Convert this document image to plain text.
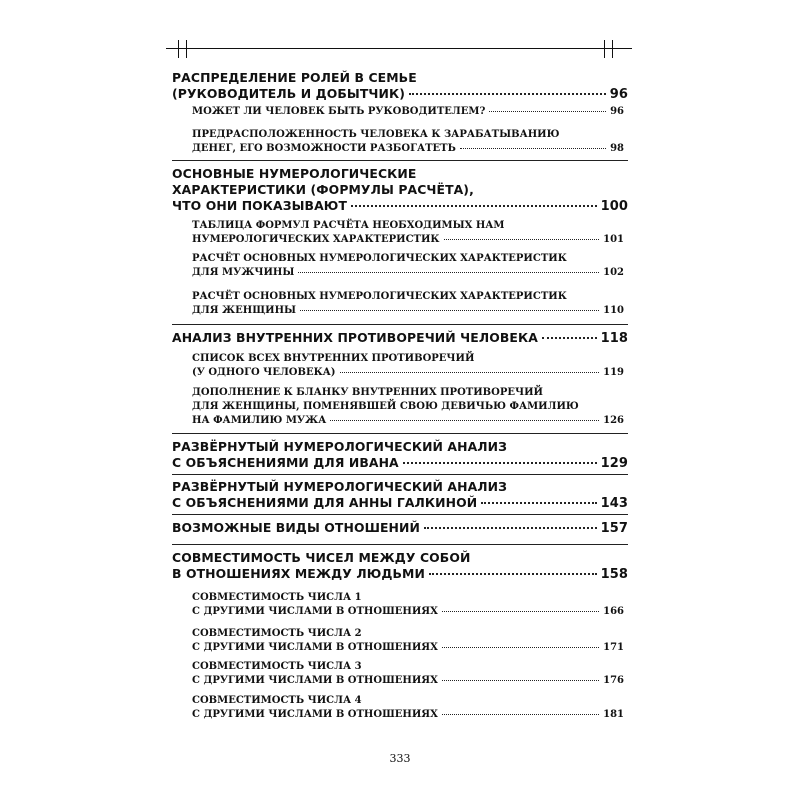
РАСПРЕДЕЛЕНИЕ РОЛЕЙ В СЕМЬЕ
(РУКОВОДИТЕЛЬ И ДОБЫТЧИК)	96
МОЖЕТ ЛИ ЧЕЛОВЕК БЫТЬ РУКОВОДИТЕЛЕМ?	96
ПРЕДРАСПОЛОЖЕННОСТЬ ЧЕЛОВЕКА К ЗАРАБАТЫВАНИЮ
ДЕНЕГ, ЕГО ВОЗМОЖНОСТИ РАЗБОГАТЕТЬ	98
ОСНОВНЫЕ НУМЕРОЛОГИЧЕСКИЕ
ХАРАКТЕРИСТИКИ (ФОРМУЛЫ РАСЧЁТА),
ЧТО ОНИ ПОКАЗЫВАЮТ	100
ТАБЛИЦА ФОРМУЛ РАСЧЁТА НЕОБХОДИМЫХ НАМ
НУМЕРОЛОГИЧЕСКИХ ХАРАКТЕРИСТИК	101
РАСЧЁТ ОСНОВНЫХ НУМЕРОЛОГИЧЕСКИХ ХАРАКТЕРИСТИК
ДЛЯ МУЖЧИНЫ	102
РАСЧЁТ ОСНОВНЫХ НУМЕРОЛОГИЧЕСКИХ ХАРАКТЕРИСТИК
ДЛЯ ЖЕНЩИНЫ	110
АНАЛИЗ ВНУТРЕННИХ ПРОТИВОРЕЧИЙ ЧЕЛОВЕКА	118
СПИСОК ВСЕХ ВНУТРЕННИХ ПРОТИВОРЕЧИЙ
(У ОДНОГО ЧЕЛОВЕКА)	119
ДОПОЛНЕНИЕ К БЛАНКУ ВНУТРЕННИХ ПРОТИВОРЕЧИЙ
ДЛЯ ЖЕНЩИНЫ, ПОМЕНЯВШЕЙ СВОЮ ДЕВИЧЬЮ ФАМИЛИЮ
НА ФАМИЛИЮ МУЖА	126
РАЗВЁРНУТЫЙ НУМЕРОЛОГИЧЕСКИЙ АНАЛИЗ
С ОБЪЯСНЕНИЯМИ ДЛЯ ИВАНА	129
РАЗВЁРНУТЫЙ НУМЕРОЛОГИЧЕСКИЙ АНАЛИЗ
С ОБЪЯСНЕНИЯМИ ДЛЯ АННЫ ГАЛКИНОЙ	143
ВОЗМОЖНЫЕ ВИДЫ ОТНОШЕНИЙ	157
СОВМЕСТИМОСТЬ ЧИСЕЛ МЕЖДУ СОБОЙ
В ОТНОШЕНИЯХ МЕЖДУ ЛЮДЬМИ	158
СОВМЕСТИМОСТЬ ЧИСЛА 1
С ДРУГИМИ ЧИСЛАМИ В ОТНОШЕНИЯХ	166
СОВМЕСТИМОСТЬ ЧИСЛА 2
С ДРУГИМИ ЧИСЛАМИ В ОТНОШЕНИЯХ	171
СОВМЕСТИМОСТЬ ЧИСЛА 3
С ДРУГИМИ ЧИСЛАМИ В ОТНОШЕНИЯХ	176
СОВМЕСТИМОСТЬ ЧИСЛА 4
С ДРУГИМИ ЧИСЛАМИ В ОТНОШЕНИЯХ	181
333
